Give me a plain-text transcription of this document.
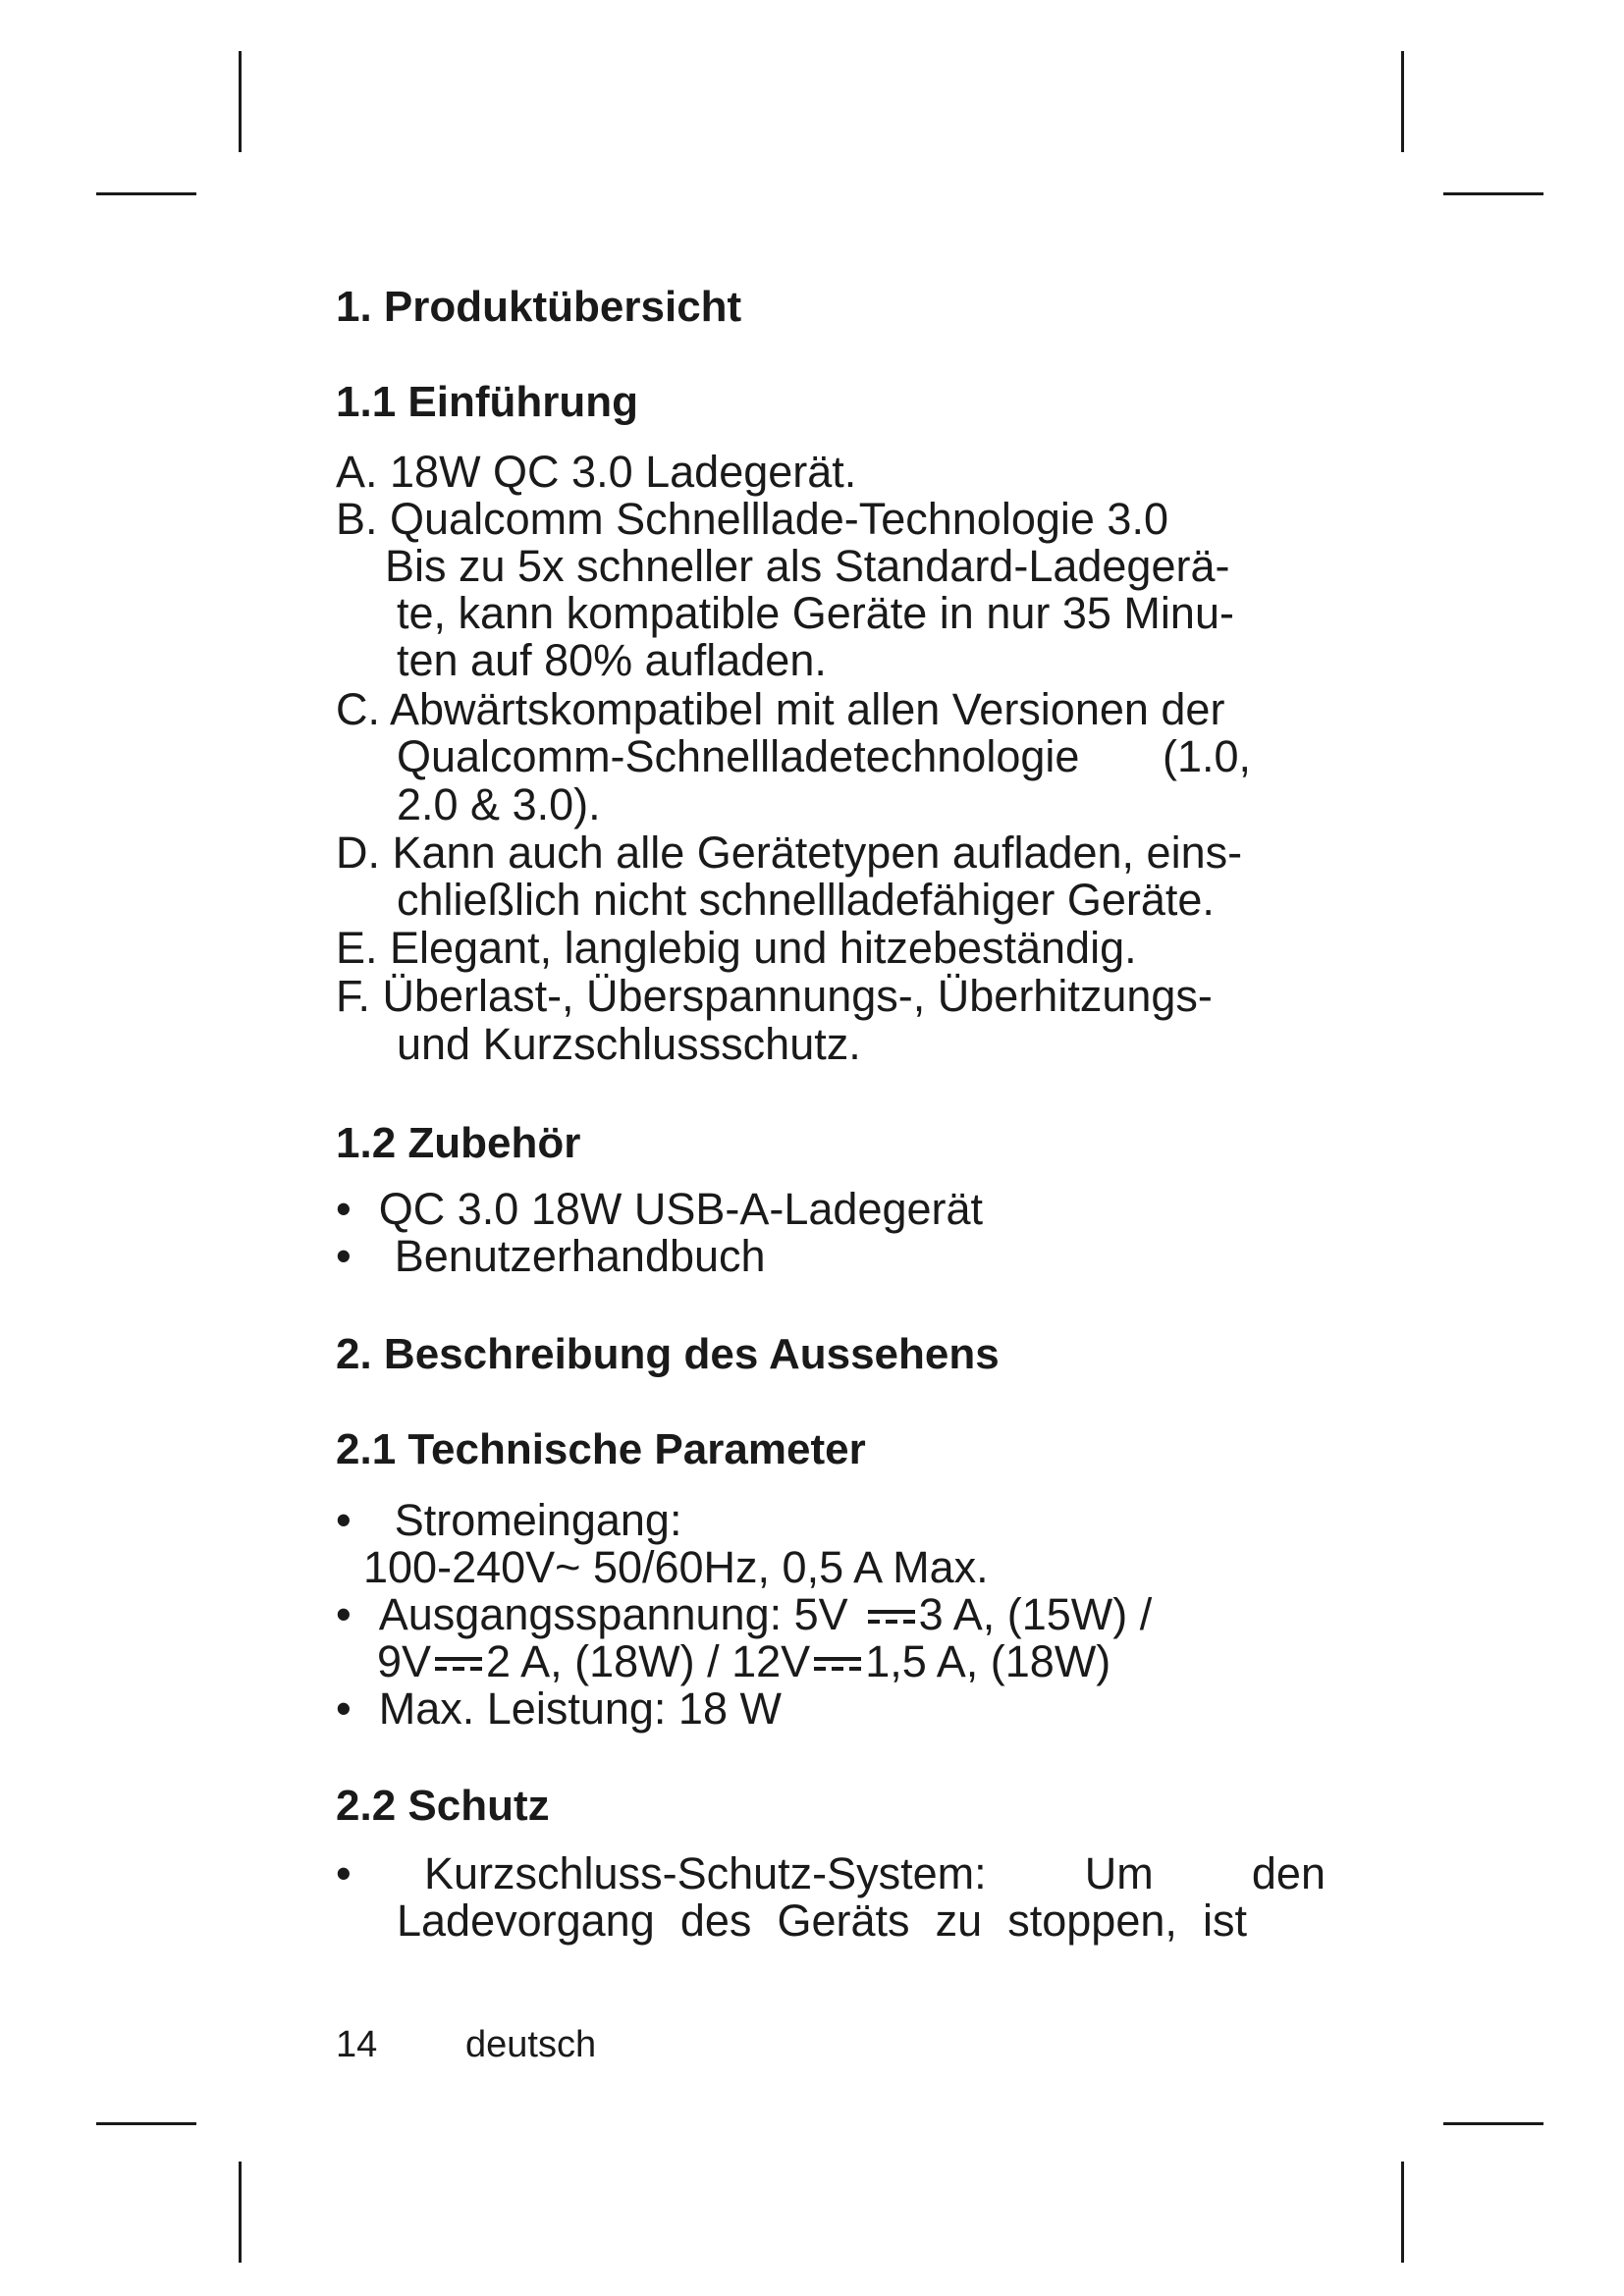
1. Produktübersicht
1.1 Einführung
A. 18W QC 3.0 Ladegerät.
B. Qualcomm Schnelllade-Technologie 3.0
Bis zu 5x schneller als Standard-Ladegerä-
te, kann kompatible Geräte in nur 35 Minu-
ten auf 80% aufladen.
C. Abwärtskompatibel mit allen Versionen der
Qualcomm-Schnellladetechnologie (1.0,
2.0 & 3.0).
D. Kann auch alle Gerätetypen aufladen, eins-
chließlich nicht schnellladefähiger Geräte.
E. Elegant, langlebig und hitzebeständig.
F. Überlast-, Überspannungs-, Überhitzungs-
und Kurzschlussschutz.
1.2 Zubehör
• QC 3.0 18W USB-A-Ladegerät
• Benutzerhandbuch
2. Beschreibung des Aussehens
2.1 Technische Parameter
• Stromeingang:
100-240V~ 50/60Hz, 0,5 A Max.
• Ausgangsspannung: 5V 3 A, (15W) /
9V 2 A, (18W) / 12V 1,5 A, (18W)
• Max. Leistung: 18 W
2.2 Schutz
• Kurzschluss-Schutz-System: Um den
Ladevorgang des Geräts zu stoppen, ist
14 deutsch
